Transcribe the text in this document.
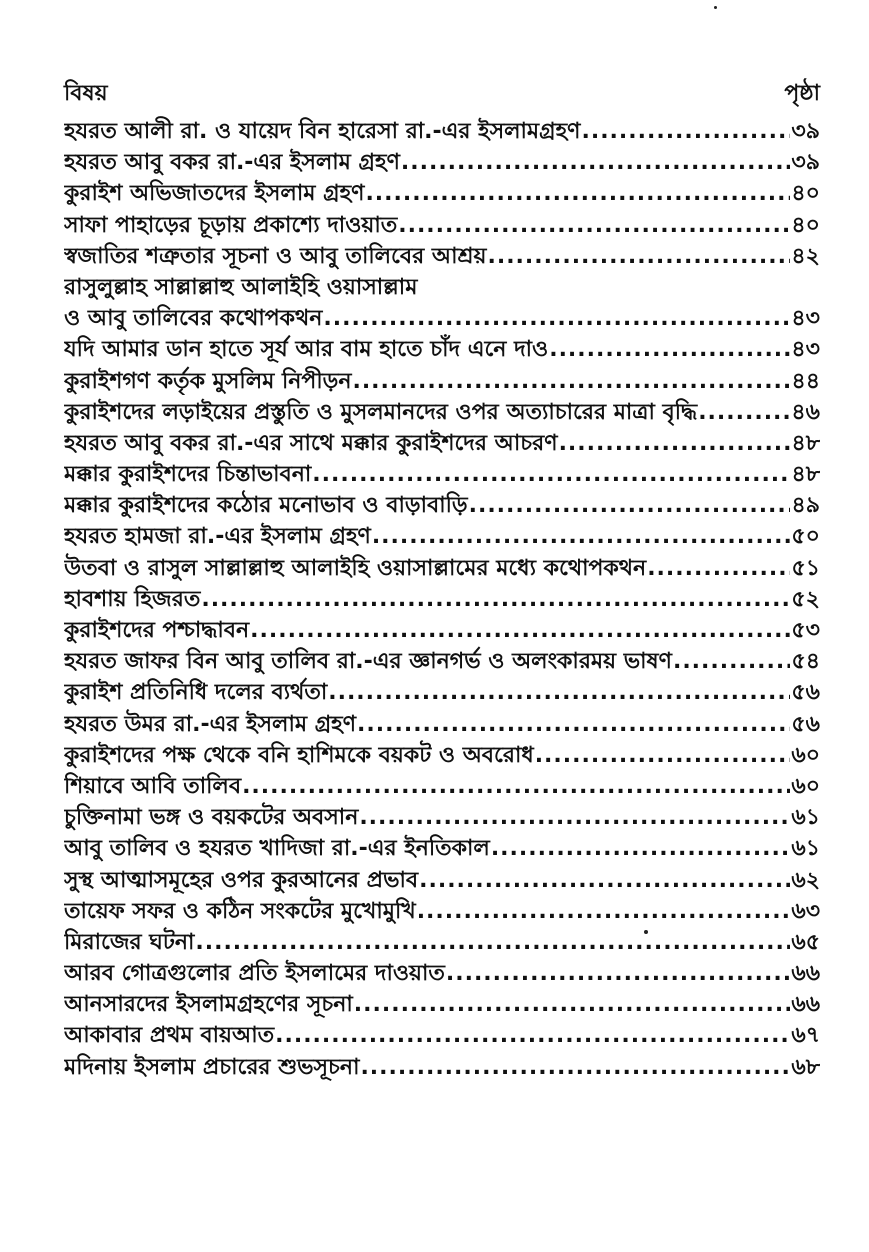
বিষয়	পৃষ্ঠা
হযরত আলী রা. ও যায়েদ বিন হারেসা রা.-এর ইসলামগ্রহণ .....	৩৯
হযরত আবু বকর রা.-এর ইসলাম গ্রহণ .....	৩৯
কুরাইশ অভিজাতদের ইসলাম গ্রহণ .....	৪০
সাফা পাহাড়ের চূড়ায় প্রকাশ্যে দাওয়াত .....	৪০
স্বজাতির শত্রুতার সূচনা ও আবু তালিবের আশ্রয় .....	৪২
রাসুলুল্লাহ সাল্লাল্লাহু আলাইহি ওয়াসাল্লাম
ও আবু তালিবের কথোপকথন .....	৪৩
যদি আমার ডান হাতে সূর্য আর বাম হাতে চাঁদ এনে দাও .....	৪৩
কুরাইশগণ কর্তৃক মুসলিম নিপীড়ন .....	৪৪
কুরাইশদের লড়াইয়ের প্রস্তুতি ও মুসলমানদের ওপর অত্যাচারের মাত্রা বৃদ্ধি .....	৪৬
হযরত আবু বকর রা.-এর সাথে মক্কার কুরাইশদের আচরণ .....	৪৮
মক্কার কুরাইশদের চিন্তাভাবনা .....	৪৮
মক্কার কুরাইশদের কঠোর মনোভাব ও বাড়াবাড়ি .....	৪৯
হযরত হামজা রা.-এর ইসলাম গ্রহণ .....	৫০
উতবা ও রাসুল সাল্লাল্লাহু আলাইহি ওয়াসাল্লামের মধ্যে কথোপকথন .....	৫১
হাবশায় হিজরত .....	৫২
কুরাইশদের পশ্চাদ্ধাবন .....	৫৩
হযরত জাফর বিন আবু তালিব রা.-এর জ্ঞানগর্ভ ও অলংকারময় ভাষণ .....	৫৪
কুরাইশ প্রতিনিধি দলের ব্যর্থতা .....	৫৬
হযরত উমর রা.-এর ইসলাম গ্রহণ .....	৫৬
কুরাইশদের পক্ষ থেকে বনি হাশিমকে বয়কট ও অবরোধ .....	৬০
শিয়াবে আবি তালিব .....	৬০
চুক্তিনামা ভঙ্গ ও বয়কটের অবসান .....	৬১
আবু তালিব ও হযরত খাদিজা রা.-এর ইনতিকাল .....	৬১
সুস্থ আত্মাসমূহের ওপর কুরআনের প্রভাব .....	৬২
তায়েফ সফর ও কঠিন সংকটের মুখোমুখি .....	৬৩
মিরাজের ঘটনা .....	৬৫
আরব গোত্রগুলোর প্রতি ইসলামের দাওয়াত .....	৬৬
আনসারদের ইসলামগ্রহণের সূচনা .....	৬৬
আকাবার প্রথম বায়আত .....	৬৭
মদিনায় ইসলাম প্রচারের শুভসূচনা .....	৬৮
